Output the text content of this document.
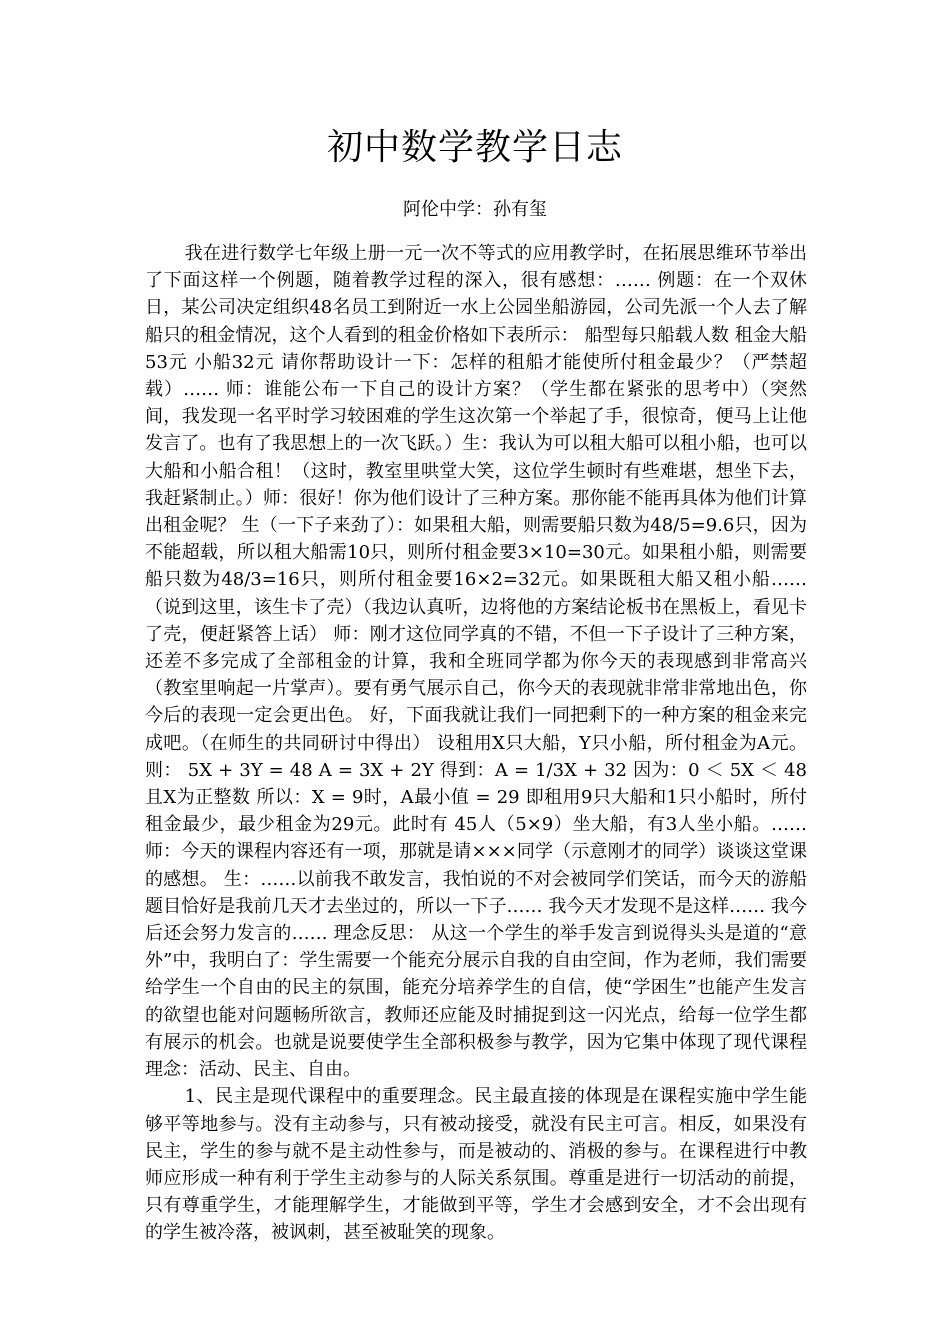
初中数学教学日志
阿伦中学：孙有玺

我在进行数学七年级上册一元一次不等式的应用教学时，在拓展思维环节举出了下面这样一个例题，随着教学过程的深入，很有感想：…… 例题：在一个双休日，某公司决定组织48名员工到附近一水上公园坐船游园，公司先派一个人去了解船只的租金情况，这个人看到的租金价格如下表所示： 船型每只船载人数 租金大船 53元 小船32元 请你帮助设计一下：怎样的租船才能使所付租金最少？（严禁超载）…… 师：谁能公布一下自己的设计方案？（学生都在紧张的思考中）（突然间，我发现一名平时学习较困难的学生这次第一个举起了手，很惊奇，便马上让他发言了。也有了我思想上的一次飞跃。）生：我认为可以租大船可以租小船，也可以大船和小船合租！（这时，教室里哄堂大笑，这位学生顿时有些难堪，想坐下去，我赶紧制止。）师：很好！你为他们设计了三种方案。那你能不能再具体为他们计算出租金呢？ 生（一下子来劲了）：如果租大船，则需要船只数为48/5=9.6只，因为不能超载，所以租大船需10只，则所付租金要3×10=30元。如果租小船，则需要船只数为48/3=16只，则所付租金要16×2=32元。如果既租大船又租小船……（说到这里，该生卡了壳）（我边认真听，边将他的方案结论板书在黑板上，看见卡了壳，便赶紧答上话） 师：刚才这位同学真的不错，不但一下子设计了三种方案，还差不多完成了全部租金的计算，我和全班同学都为你今天的表现感到非常高兴（教室里响起一片掌声）。要有勇气展示自己，你今天的表现就非常非常地出色，你今后的表现一定会更出色。 好，下面我就让我们一同把剩下的一种方案的租金来完成吧。（在师生的共同研讨中得出） 设租用X只大船，Y只小船，所付租金为A元。 则： 5X + 3Y = 48 A = 3X + 2Y 得到：A = 1/3X + 32 因为：0 ＜ 5X ＜ 48 且X为正整数 所以：X = 9时，A最小值 = 29 即租用9只大船和1只小船时，所付租金最少，最少租金为29元。此时有 45人（5×9）坐大船，有3人坐小船。…… 师：今天的课程内容还有一项，那就是请×××同学（示意刚才的同学）谈谈这堂课的感想。 生：……以前我不敢发言，我怕说的不对会被同学们笑话，而今天的游船题目恰好是我前几天才去坐过的，所以一下子…… 我今天才发现不是这样…… 我今后还会努力发言的…… 理念反思： 从这一个学生的举手发言到说得头头是道的“意外”中，我明白了：学生需要一个能充分展示自我的自由空间，作为老师，我们需要给学生一个自由的民主的氛围，能充分培养学生的自信，使“学困生”也能产生发言的欲望也能对问题畅所欲言，教师还应能及时捕捉到这一闪光点，给每一位学生都有展示的机会。也就是说要使学生全部积极参与教学，因为它集中体现了现代课程理念：活动、民主、自由。

1、民主是现代课程中的重要理念。民主最直接的体现是在课程实施中学生能够平等地参与。没有主动参与，只有被动接受，就没有民主可言。相反，如果没有民主，学生的参与就不是主动性参与，而是被动的、消极的参与。在课程进行中教师应形成一种有利于学生主动参与的人际关系氛围。尊重是进行一切活动的前提，只有尊重学生，才能理解学生，才能做到平等，学生才会感到安全，才不会出现有的学生被冷落，被讽刺，甚至被耻笑的现象。
